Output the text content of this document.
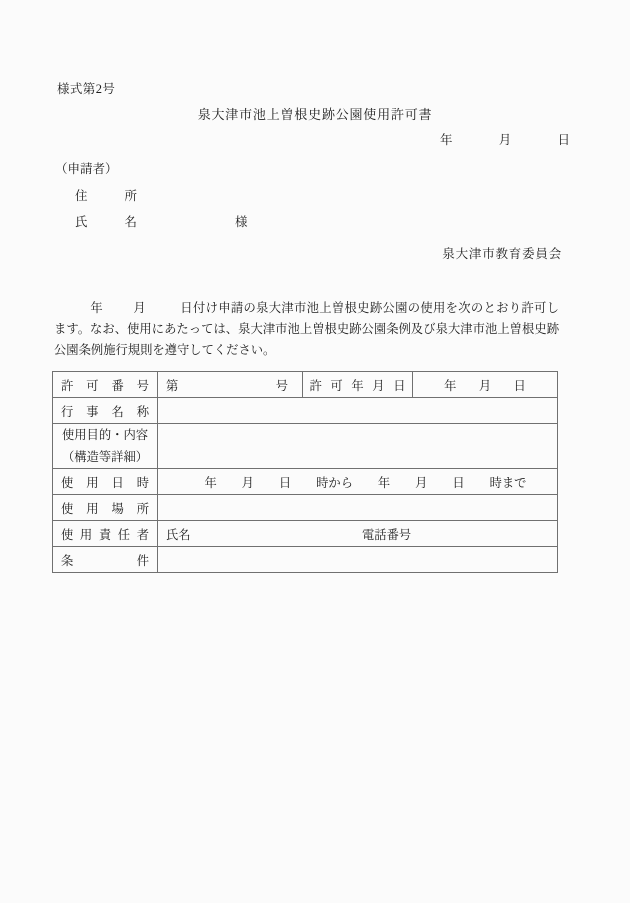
様式第2号
泉大津市池上曽根史跡公園使用許可書
年	月	日
（申請者）
住所
氏名	様
泉大津市教育委員会
年 月	日付け申請の泉大津市池上曽根史跡公園の使用を次のとおり許可します。なお、使用にあたっては、泉大津市池上曽根史跡公園条例及び泉大津市池上曽根史跡公園条例施行規則を遵守してください。
許可番号	第 号	許可年月日	年 月 日

行事名称			

使用目的・内容
（構造等詳細）			

使用日時	年 月 日 時から 年 月 日 時まで

使用場所			

使用責任者	氏名 電話番号		

条件			
